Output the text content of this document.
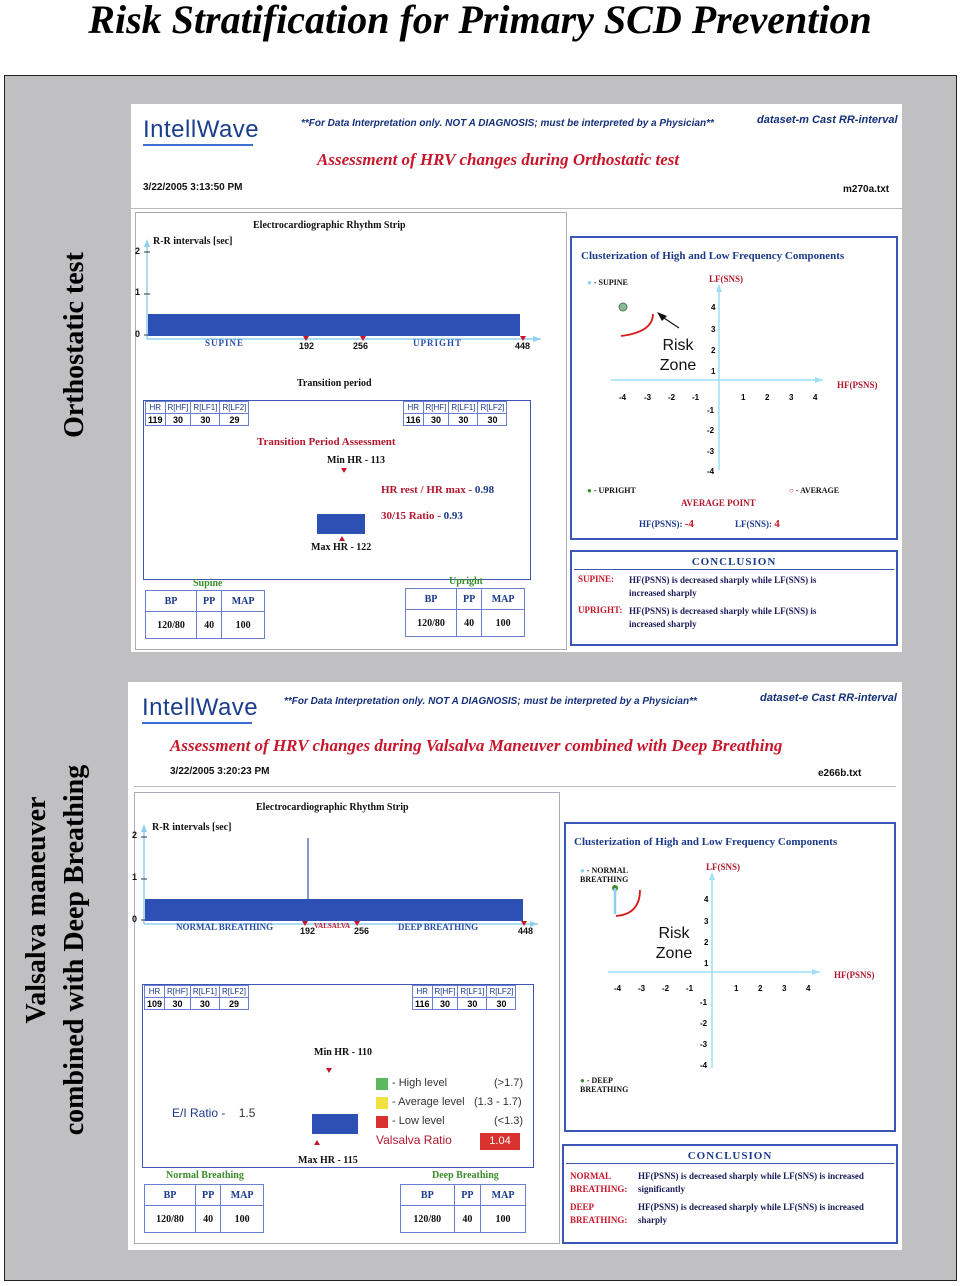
Risk Stratification for Primary SCD Prevention
Orthostatic test
Valsalva maneuver combined with Deep Breathing
IntellWave	**For Data Interpretation only. NOT A DIAGNOSIS; must be interpreted by a Physician**	dataset-m Cast RR-interval
Assessment of HRV changes during Orthostatic test
3/22/2005 3:13:50 PM	m270a.txt
Electrocardiographic Rhythm Strip
R-R intervals [sec]
2
1
0
SUPINE	192	256	UPRIGHT	448
Transition period
HR	R[HF]	R[LF1]	R[LF2]
119	30	30	29
HR	R[HF]	R[LF1]	R[LF2]
116	30	30	30
Transition Period Assessment
Min HR - 113
HR rest / HR max - 0.98
30/15 Ratio - 0.93
Max HR - 122
Supine
BP	PP	MAP
120/80	40	100
Upright
BP	PP	MAP
120/80	40	100
Clusterization of High and Low Frequency Components
● - SUPINE	LF(SNS)
-4 -3 -2 -1	1 2 3 4
4
3
2
1
-1
-2
-3
-4
Risk
Zone
HF(PSNS)
● - UPRIGHT	○ - AVERAGE
AVERAGE POINT
HF(PSNS): -4	LF(SNS): 4
CONCLUSION
SUPINE: HF(PSNS) is decreased sharply while LF(SNS) is increased sharply
UPRIGHT: HF(PSNS) is decreased sharply while LF(SNS) is increased sharply
IntellWave	**For Data Interpretation only. NOT A DIAGNOSIS; must be interpreted by a Physician**	dataset-e Cast RR-interval
Assessment of HRV changes during Valsalva Maneuver combined with Deep Breathing
3/22/2005 3:20:23 PM	e266b.txt
Electrocardiographic Rhythm Strip
R-R intervals [sec]
2
1
0
NORMAL BREATHING	192
VALSALVA 256	DEEP BREATHING	448
HR	R[HF]	R[LF1]	R[LF2]
109	30	30	29
HR	R[HF]	R[LF1]	R[LF2]
116	30	30	30
Min HR - 110
E/I Ratio - 1.5
Max HR - 115
- High level	(>1.7)
- Average level (1.3 - 1.7)
- Low level	(<1.3)
Valsalva Ratio	1.04
Normal Breathing
BP	PP	MAP
120/80	40	100
Deep Breathing
BP	PP	MAP
120/80	40	100
Clusterization of High and Low Frequency Components
● - NORMAL BREATHING
LF(SNS)
-4 -3 -2 -1	1 2 3 4
4
3
2
1
-1
-2
-3
-4
Risk
Zone
HF(PSNS)
● - DEEP BREATHING
CONCLUSION
NORMAL BREATHING:
HF(PSNS) is decreased sharply while LF(SNS) is increased significantly
DEEP BREATHING:
HF(PSNS) is decreased sharply while LF(SNS) is increased sharply
